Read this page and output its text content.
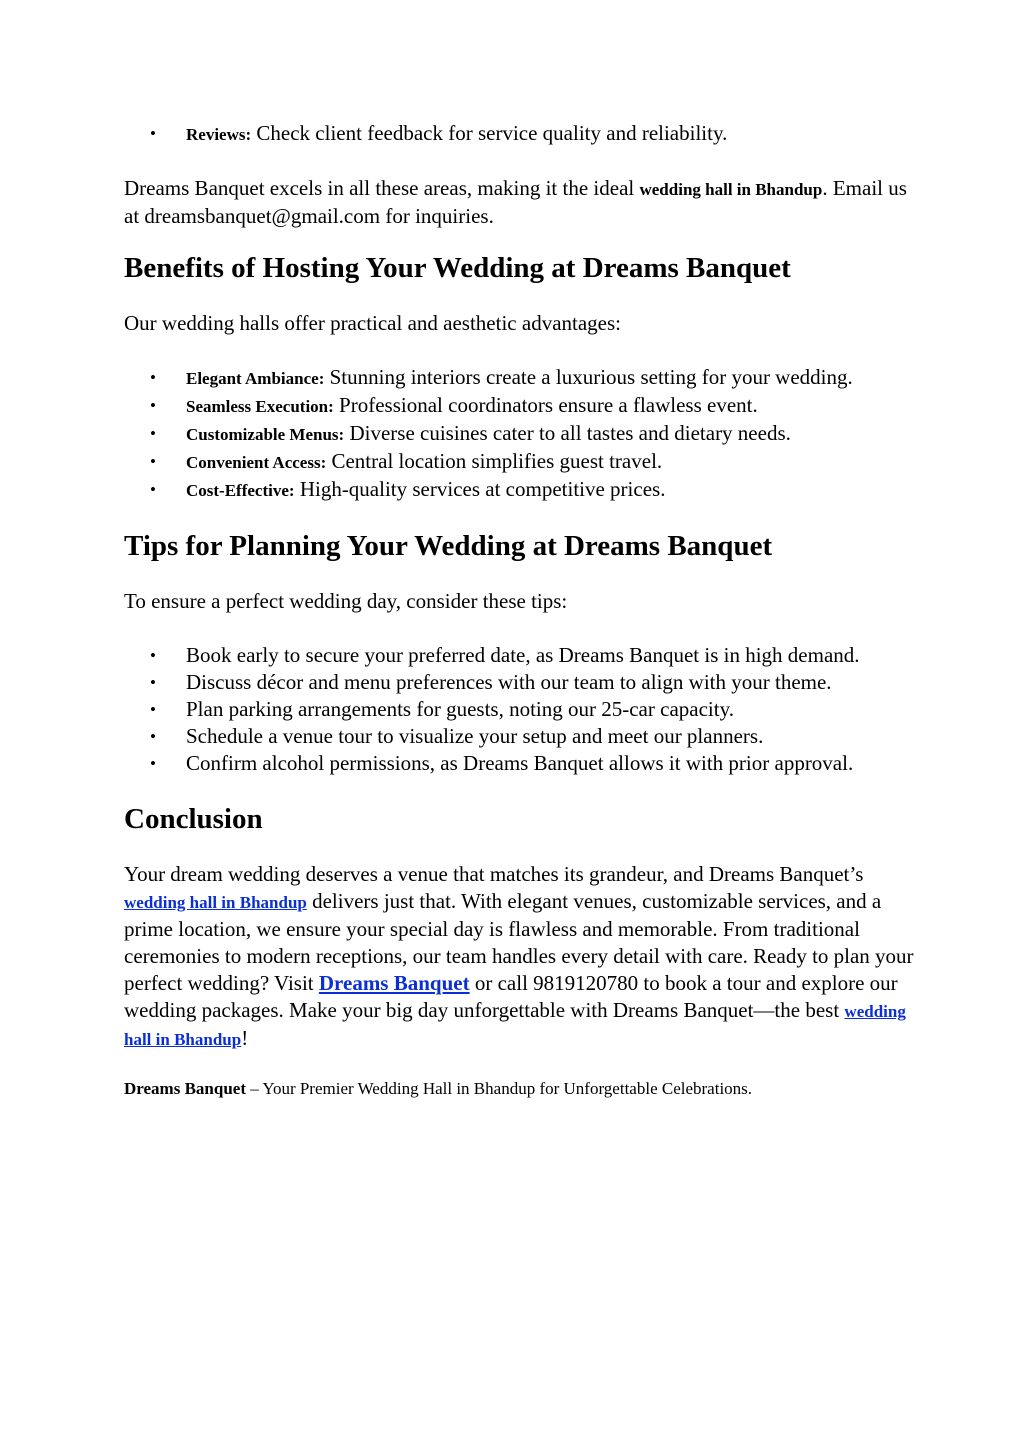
• Reviews: Check client feedback for service quality and reliability.

Dreams Banquet excels in all these areas, making it the ideal wedding hall in Bhandup. Email us at dreamsbanquet@gmail.com for inquiries.

Benefits of Hosting Your Wedding at Dreams Banquet

Our wedding halls offer practical and aesthetic advantages:

• Elegant Ambiance: Stunning interiors create a luxurious setting for your wedding.
• Seamless Execution: Professional coordinators ensure a flawless event.
• Customizable Menus: Diverse cuisines cater to all tastes and dietary needs.
• Convenient Access: Central location simplifies guest travel.
• Cost-Effective: High-quality services at competitive prices.
Tips for Planning Your Wedding at Dreams Banquet

To ensure a perfect wedding day, consider these tips:

• Book early to secure your preferred date, as Dreams Banquet is in high demand.
• Discuss décor and menu preferences with our team to align with your theme.
• Plan parking arrangements for guests, noting our 25-car capacity.
• Schedule a venue tour to visualize your setup and meet our planners.
• Confirm alcohol permissions, as Dreams Banquet allows it with prior approval.
Conclusion

Your dream wedding deserves a venue that matches its grandeur, and Dreams Banquet’s wedding hall in Bhandup delivers just that. With elegant venues, customizable services, and a prime location, we ensure your special day is flawless and memorable. From traditional ceremonies to modern receptions, our team handles every detail with care. Ready to plan your perfect wedding? Visit Dreams Banquet or call 9819120780 to book a tour and explore our wedding packages. Make your big day unforgettable with Dreams Banquet—the best wedding hall in Bhandup!

Dreams Banquet – Your Premier Wedding Hall in Bhandup for Unforgettable Celebrations.
